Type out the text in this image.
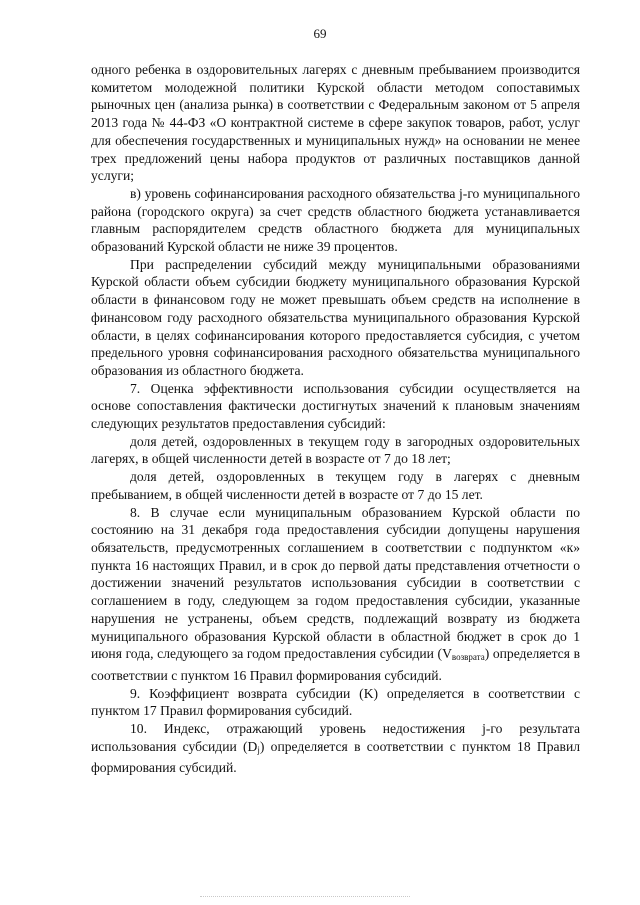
69

одного ребенка в оздоровительных лагерях с дневным пребыванием производится комитетом молодежной политики Курской области методом сопоставимых рыночных цен (анализа рынка) в соответствии с Федеральным законом от 5 апреля 2013 года № 44-ФЗ «О контрактной системе в сфере закупок товаров, работ, услуг для обеспечения государственных и муниципальных нужд» на основании не менее трех предложений цены набора продуктов от различных поставщиков данной услуги;

в) уровень софинансирования расходного обязательства j-го муниципального района (городского округа) за счет средств областного бюджета устанавливается главным распорядителем средств областного бюджета для муниципальных образований Курской области не ниже 39 процентов.

При распределении субсидий между муниципальными образованиями Курской области объем субсидии бюджету муниципального образования Курской области в финансовом году не может превышать объем средств на исполнение в финансовом году расходного обязательства муниципального образования Курской области, в целях софинансирования которого предоставляется субсидия, с учетом предельного уровня софинансирования расходного обязательства муниципального образования из областного бюджета.

7. Оценка эффективности использования субсидии осуществляется на основе сопоставления фактически достигнутых значений к плановым значениям следующих результатов предоставления субсидий:

доля детей, оздоровленных в текущем году в загородных оздоровительных лагерях, в общей численности детей в возрасте от 7 до 18 лет;

доля детей, оздоровленных в текущем году в лагерях с дневным пребыванием, в общей численности детей в возрасте от 7 до 15 лет.

8. В случае если муниципальным образованием Курской области по состоянию на 31 декабря года предоставления субсидии допущены нарушения обязательств, предусмотренных соглашением в соответствии с подпунктом «к» пункта 16 настоящих Правил, и в срок до первой даты представления отчетности о достижении значений результатов использования субсидии в соответствии с соглашением в году, следующем за годом предоставления субсидии, указанные нарушения не устранены, объем средств, подлежащий возврату из бюджета муниципального образования Курской области в областной бюджет в срок до 1 июня года, следующего за годом предоставления субсидии $(V_{возврата})$ определяется в соответствии с пунктом 16 Правил формирования субсидий.

9. Коэффициент возврата субсидии (K) определяется в соответствии с пунктом 17 Правил формирования субсидий.

10. Индекс, отражающий уровень недостижения j-го результата использования субсидии $(D_j)$ определяется в соответствии с пунктом 18 Правил формирования субсидий.
